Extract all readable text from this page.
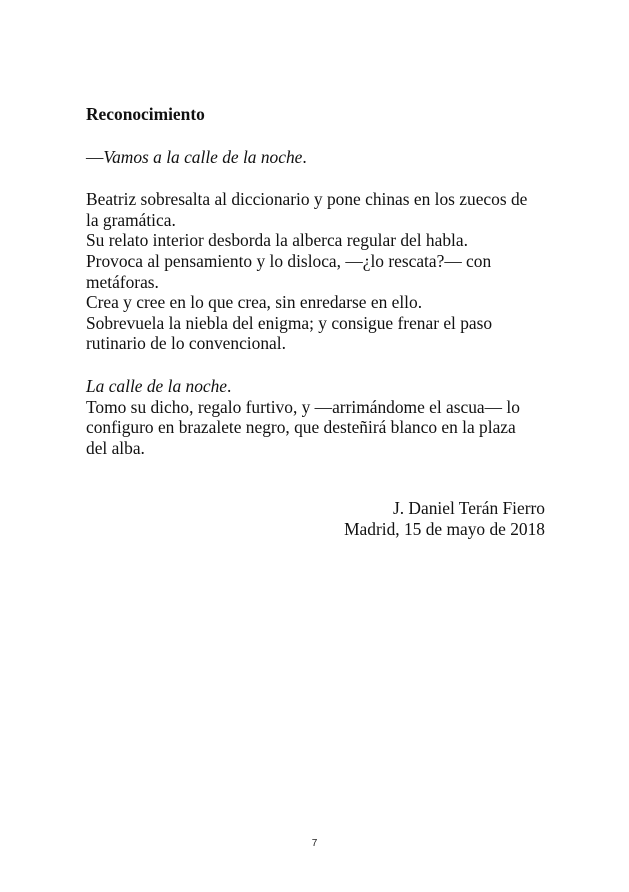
Reconocimiento

—Vamos a la calle de la noche.

Beatriz sobresalta al diccionario y pone chinas en los zuecos de
la gramática.
Su relato interior desborda la alberca regular del habla.
Provoca al pensamiento y lo disloca, —¿lo rescata?— con
metáforas.
Crea y cree en lo que crea, sin enredarse en ello.
Sobrevuela la niebla del enigma; y consigue frenar el paso
rutinario de lo convencional.
La calle de la noche.
Tomo su dicho, regalo furtivo, y —arrimándome el ascua— lo
configuro en brazalete negro, que desteñirá blanco en la plaza
del alba.
J. Daniel Terán Fierro
Madrid, 15 de mayo de 2018
7
